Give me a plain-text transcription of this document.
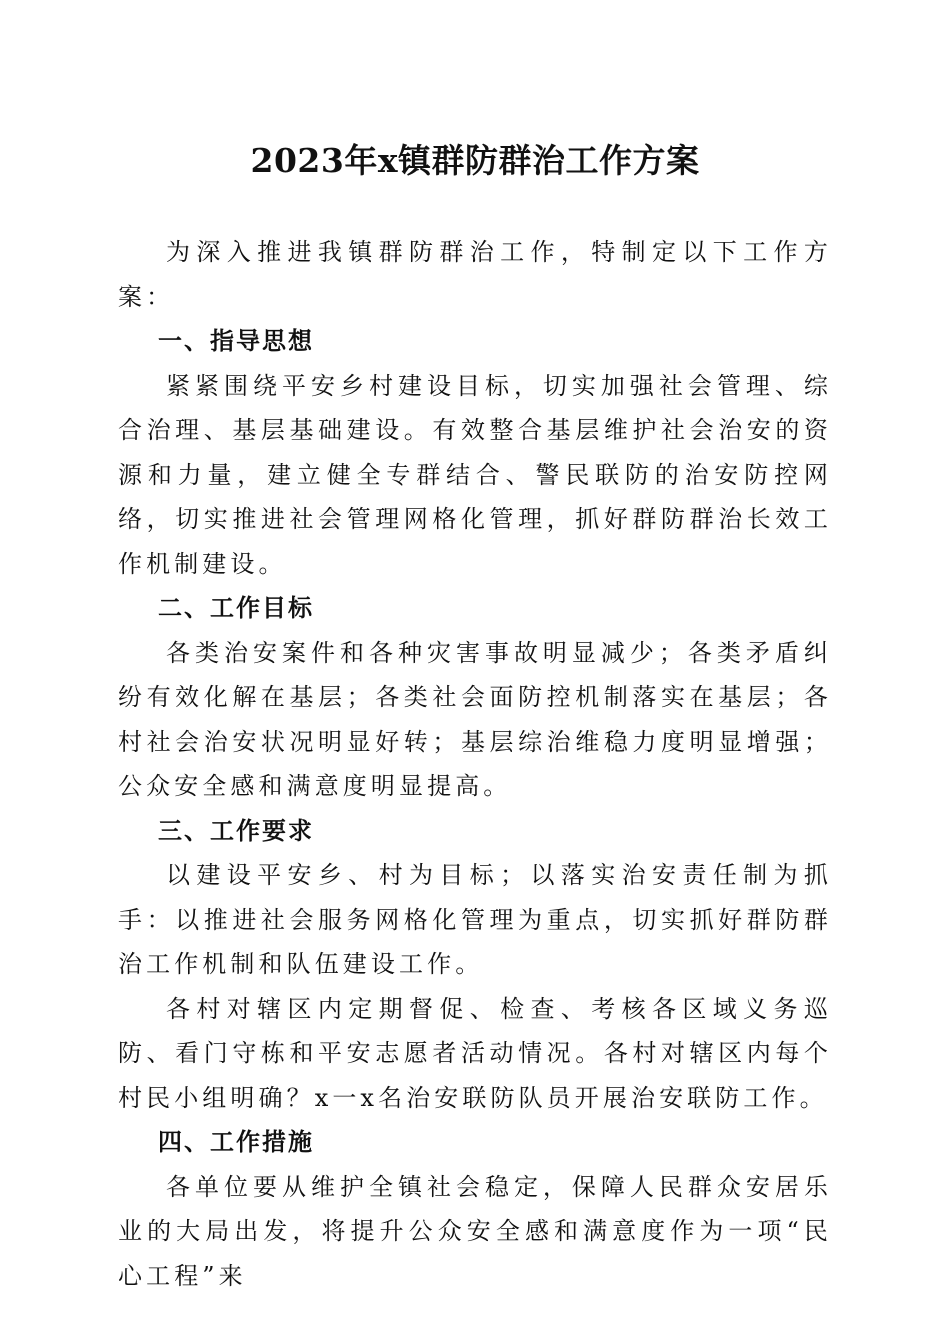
2023年x镇群防群治工作方案

为深入推进我镇群防群治工作，特制定以下工作方案：

一、指导思想

紧紧围绕平安乡村建设目标，切实加强社会管理、综合治理、基层基础建设。有效整合基层维护社会治安的资源和力量，建立健全专群结合、警民联防的治安防控网络，切实推进社会管理网格化管理，抓好群防群治长效工作机制建设。

二、工作目标

各类治安案件和各种灾害事故明显减少；各类矛盾纠纷有效化解在基层；各类社会面防控机制落实在基层；各村社会治安状况明显好转；基层综治维稳力度明显增强；公众安全感和满意度明显提高。

三、工作要求

以建设平安乡、村为目标；以落实治安责任制为抓手：以推进社会服务网格化管理为重点，切实抓好群防群治工作机制和队伍建设工作。

各村对辖区内定期督促、检查、考核各区域义务巡防、看门守栋和平安志愿者活动情况。各村对辖区内每个村民小组明确？x一x名治安联防队员开展治安联防工作。

四、工作措施

各单位要从维护全镇社会稳定，保障人民群众安居乐业的大局出发，将提升公众安全感和满意度作为一项“民心工程”来
